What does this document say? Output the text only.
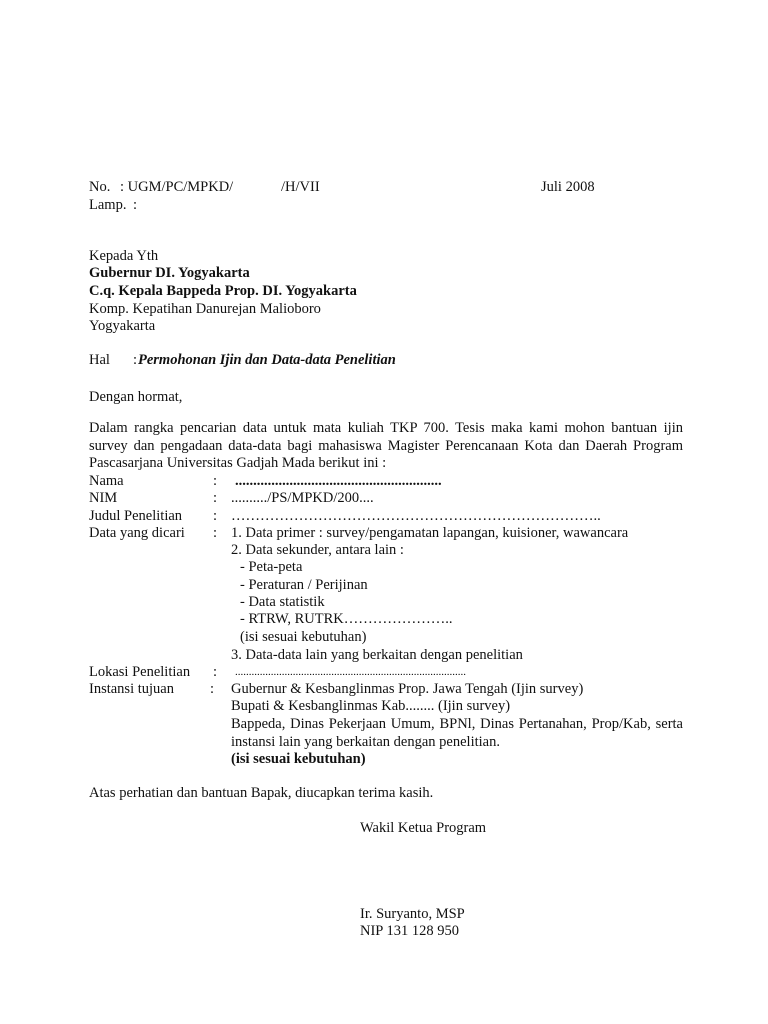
No. : UGM/PC/MPKD/	/H/VII	Juli 2008
Lamp. :
Kepada Yth
Gubernur DI. Yogyakarta
C.q. Kepala Bappeda Prop. DI. Yogyakarta
Komp. Kepatihan Danurejan Malioboro
Yogyakarta
Hal : Permohonan Ijin dan Data-data Penelitian
Dengan hormat,
Dalam rangka pencarian data untuk mata kuliah TKP 700. Tesis maka kami mohon bantuan ijin survey dan pengadaan data-data bagi mahasiswa Magister Perencanaan Kota dan Daerah Program Pascasarjana Universitas Gadjah Mada berikut ini :
Nama	: .........................................................
NIM	: ........../PS/MPKD/200....
Judul Penelitian : …………………………………………………………………..
Data yang dicari : 1. Data primer : survey/pengamatan lapangan, kuisioner, wawancara
2. Data sekunder, antara lain :
- Peta-peta
- Peraturan / Perijinan
- Data statistik
- RTRW, RUTRK…………………..
(isi sesuai kebutuhan)
3. Data-data lain yang berkaitan dengan penelitian
Lokasi Penelitian : ....................................................................................
Instansi tujuan : Gubernur & Kesbanglinmas Prop. Jawa Tengah (Ijin survey)
Bupati & Kesbanglinmas Kab........ (Ijin survey)
Bappeda, Dinas Pekerjaan Umum, BPNl, Dinas Pertanahan, Prop/Kab, serta instansi lain yang berkaitan dengan penelitian.
(isi sesuai kebutuhan)
Atas perhatian dan bantuan Bapak, diucapkan terima kasih.
Wakil Ketua Program
Ir. Suryanto, MSP
NIP 131 128 950
